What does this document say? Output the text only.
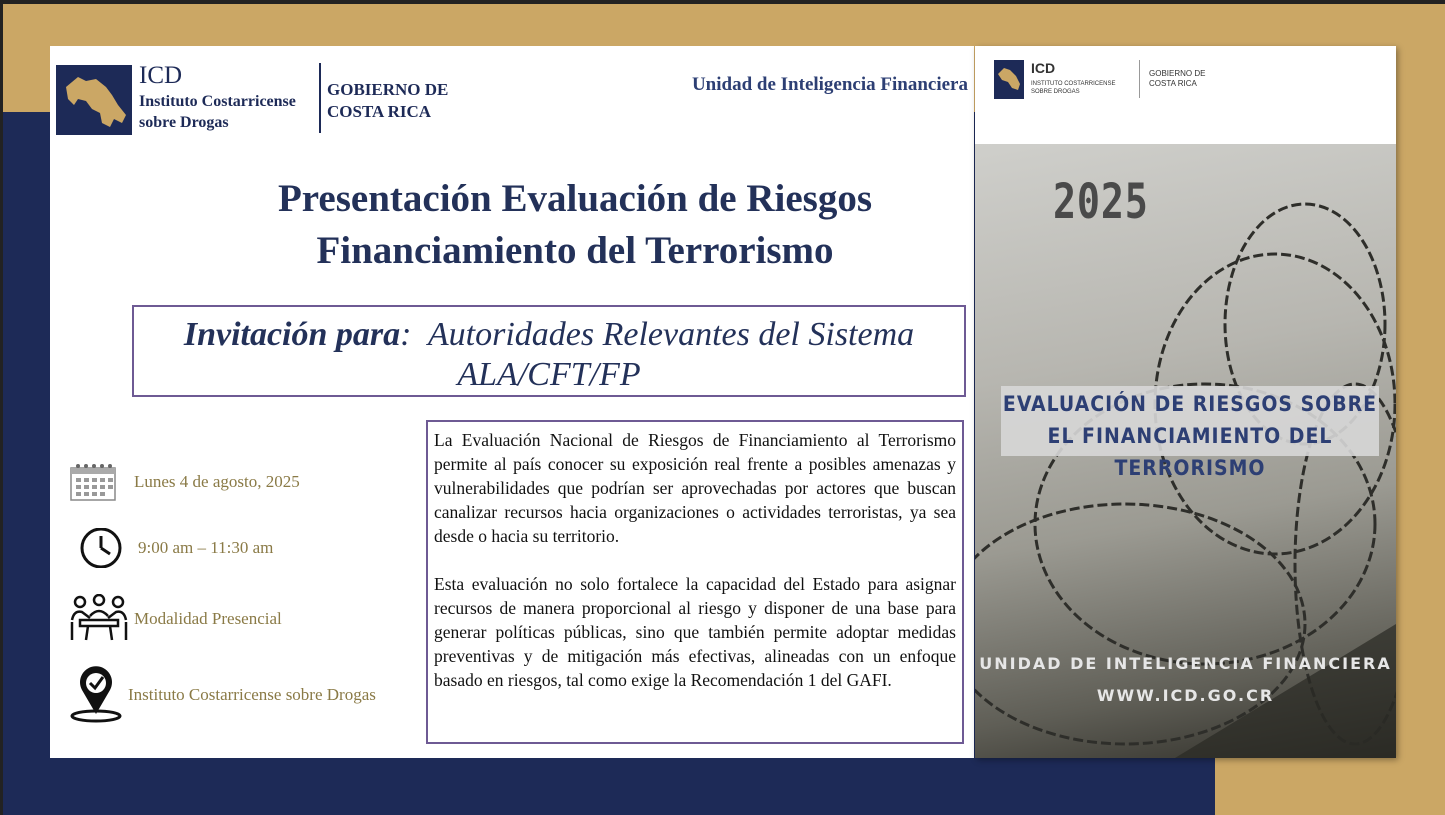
ICD
Instituto Costarricense sobre Drogas
GOBIERNO DE COSTA RICA
Unidad de Inteligencia Financiera
Presentación Evaluación de Riesgos Financiamiento del Terrorismo
Invitación para:  Autoridades Relevantes del Sistema ALA/CFT/FP
Lunes 4 de agosto, 2025
9:00 am – 11:30 am
Modalidad Presencial
Instituto Costarricense sobre Drogas

La Evaluación Nacional de Riesgos de Financiamiento al Terrorismo permite al país conocer su exposición real frente a posibles amenazas y vulnerabilidades que podrían ser aprovechadas por actores que buscan canalizar recursos hacia organizaciones o actividades terroristas, ya sea desde o hacia su territorio.

Esta evaluación no solo fortalece la capacidad del Estado para asignar recursos de manera proporcional al riesgo y disponer de una base para generar políticas públicas, sino que también permite adoptar medidas preventivas y de mitigación más efectivas, alineadas con un enfoque basado en riesgos, tal como exige la Recomendación 1 del GAFI.

ICD
INSTITUTO COSTARRICENSE SOBRE DROGAS
GOBIERNO DE COSTA RICA
2025
EVALUACIÓN DE RIESGOS SOBRE EL FINANCIAMIENTO DEL TERRORISMO
UNIDAD DE INTELIGENCIA FINANCIERA
WWW.ICD.GO.CR
